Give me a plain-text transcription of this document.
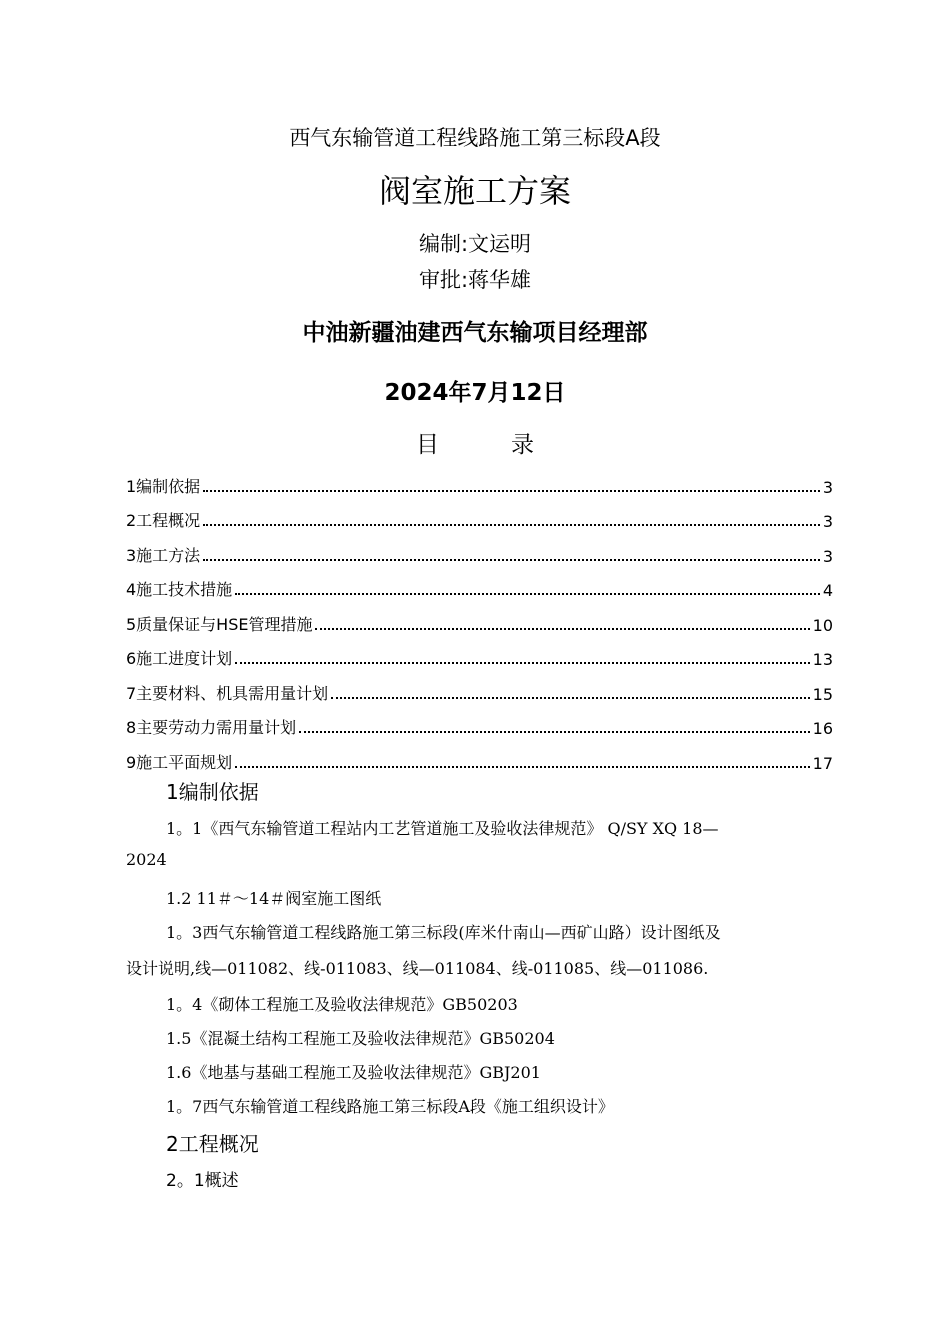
西气东输管道工程线路施工第三标段A段
阀室施工方案
编制:文运明
审批:蒋华雄
中油新疆油建西气东输项目经理部
2024年7月12日
目录
1编制依据	3
2工程概况	3
3施工方法	3
4施工技术措施	4
5质量保证与HSE管理措施	10
6施工进度计划	13
7主要材料、机具需用量计划	15
8主要劳动力需用量计划	16
9施工平面规划	17
1编制依据
1。1《西气东输管道工程站内工艺管道施工及验收法律规范》 Q/SY XQ 18—
2024
1.2 11＃～14＃阀室施工图纸
1。3西气东输管道工程线路施工第三标段(库米什南山—西矿山路）设计图纸及
设计说明,线—011082、线-011083、线—011084、线-011085、线—011086.
1。4《砌体工程施工及验收法律规范》GB50203
1.5《混凝土结构工程施工及验收法律规范》GB50204
1.6《地基与基础工程施工及验收法律规范》GBJ201
1。7西气东输管道工程线路施工第三标段A段《施工组织设计》
2工程概况
2。1概述
